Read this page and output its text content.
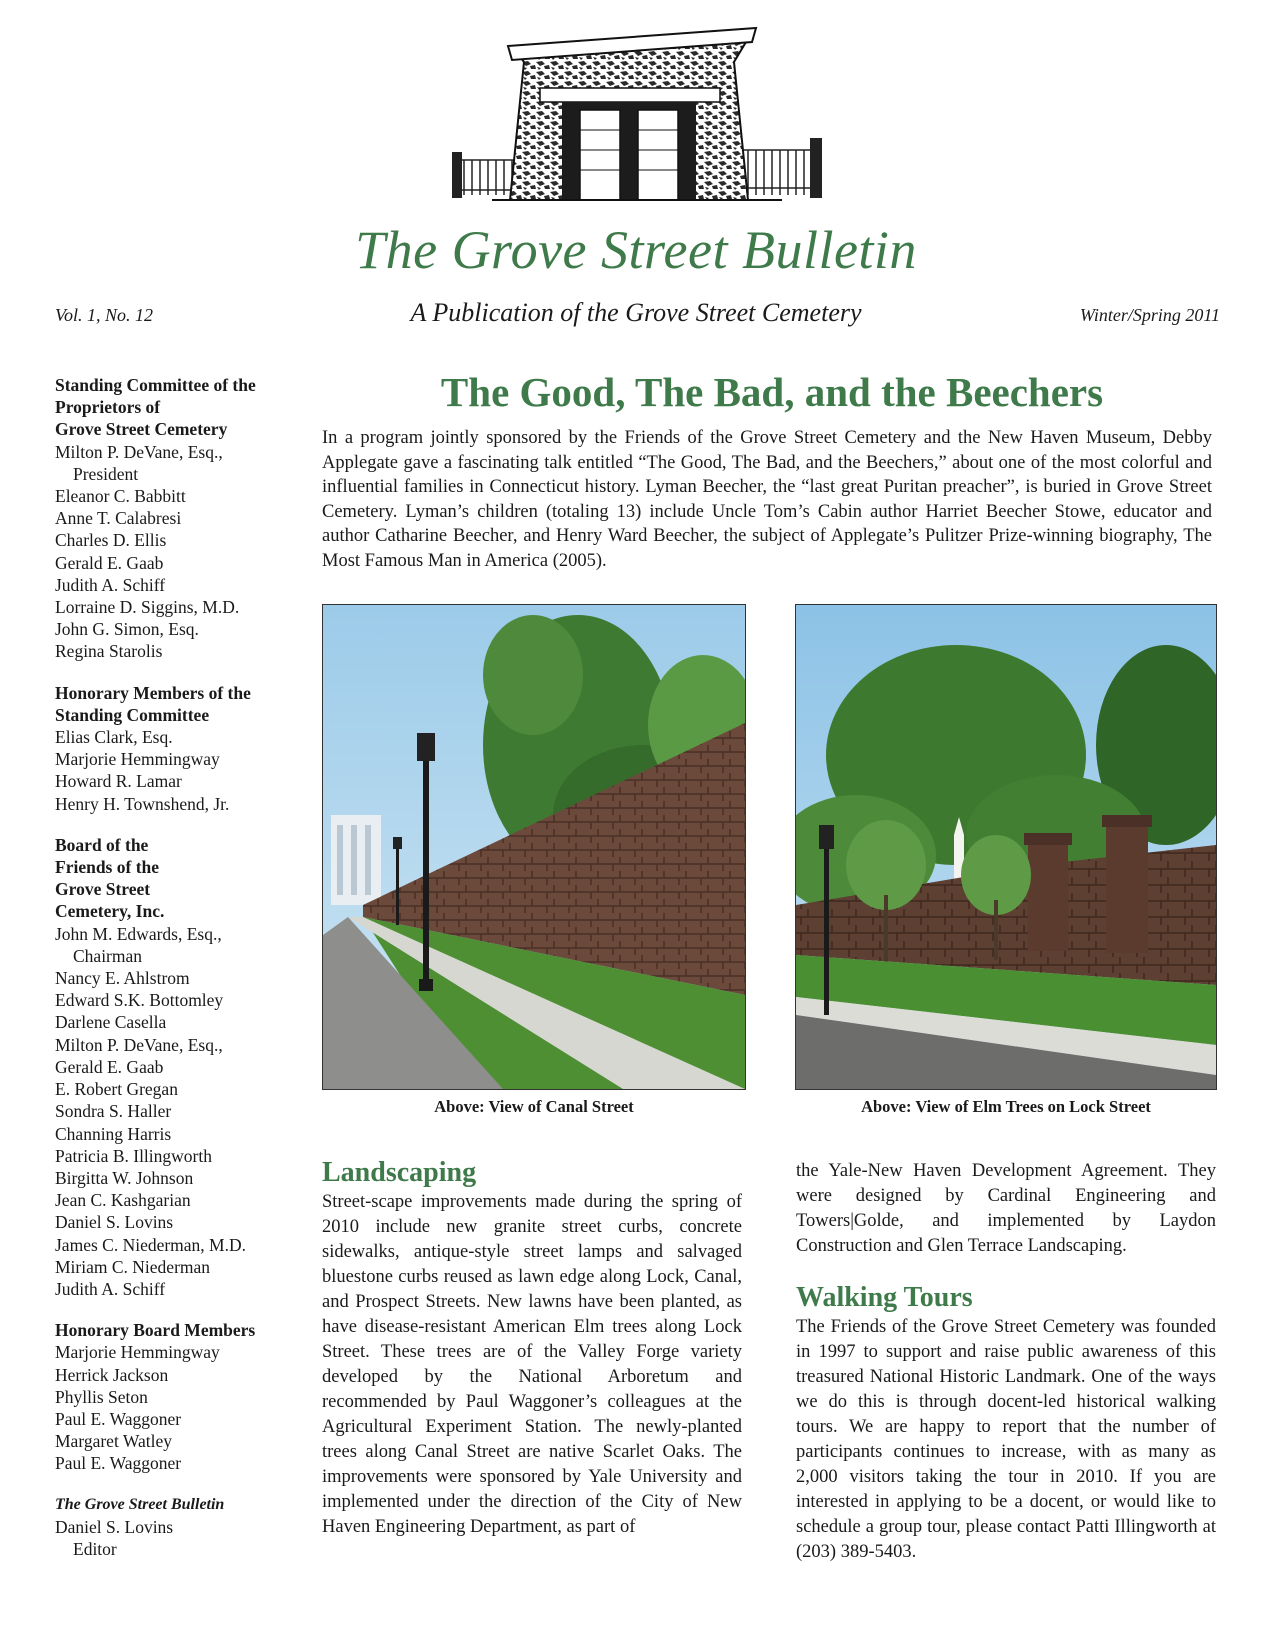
The Grove Street Bulletin
Vol. 1, No. 12	A Publication of the Grove Street Cemetery	Winter/Spring 2011
Standing Committee of the
Proprietors of
Grove Street Cemetery
Milton P. DeVane, Esq.,
President
Eleanor C. Babbitt
Anne T. Calabresi
Charles D. Ellis
Gerald E. Gaab
Judith A. Schiff
Lorraine D. Siggins, M.D.
John G. Simon, Esq.
Regina Starolis
Honorary Members of the
Standing Committee
Elias Clark, Esq.
Marjorie Hemmingway
Howard R. Lamar
Henry H. Townshend, Jr.
Board of the
Friends of the
Grove Street
Cemetery, Inc.
John M. Edwards, Esq.,
Chairman
Nancy E. Ahlstrom
Edward S.K. Bottomley
Darlene Casella
Milton P. DeVane, Esq.,
Gerald E. Gaab
E. Robert Gregan
Sondra S. Haller
Channing Harris
Patricia B. Illingworth
Birgitta W. Johnson
Jean C. Kashgarian
Daniel S. Lovins
James C. Niederman, M.D.
Miriam C. Niederman
Judith A. Schiff
Honorary Board Members
Marjorie Hemmingway
Herrick Jackson
Phyllis Seton
Paul E. Waggoner
Margaret Watley
Paul E. Waggoner
The Grove Street Bulletin
Daniel S. Lovins
Editor
The Good, The Bad, and the Beechers

In a program jointly sponsored by the Friends of the Grove Street Cemetery and the New Haven Museum, Debby Applegate gave a fascinating talk entitled “The Good, The Bad, and the Beechers,” about one of the most colorful and influential families in Connecticut history. Lyman Beecher, the “last great Puritan preacher”, is buried in Grove Street Cemetery. Lyman’s children (totaling 13) include Uncle Tom’s Cabin author Harriet Beecher Stowe, educator and author Catharine Beecher, and Henry Ward Beecher, the subject of Applegate’s Pulitzer Prize-winning biography, The Most Famous Man in America (2005).

Above: View of Canal Street	Above: View of Elm Trees on Lock Street
Landscaping

Street-scape improvements made during the spring of 2010 include new granite street curbs, concrete sidewalks, antique-style street lamps and salvaged bluestone curbs reused as lawn edge along Lock, Canal, and Prospect Streets. New lawns have been planted, as have disease-resistant American Elm trees along Lock Street. These trees are of the Valley Forge variety developed by the National Arboretum and recommended by Paul Waggoner’s colleagues at the Agricultural Experiment Station. The newly-planted trees along Canal Street are native Scarlet Oaks. The improvements were sponsored by Yale University and implemented under the direction of the City of New Haven Engineering Department, as part of

the Yale-New Haven Development Agreement. They were designed by Cardinal Engineering and Towers|Golde, and implemented by Laydon Construction and Glen Terrace Landscaping.

Walking Tours

The Friends of the Grove Street Cemetery was founded in 1997 to support and raise public awareness of this treasured National Historic Landmark. One of the ways we do this is through docent-led historical walking tours. We are happy to report that the number of participants continues to increase, with as many as 2,000 visitors taking the tour in 2010. If you are interested in applying to be a docent, or would like to schedule a group tour, please contact Patti Illingworth at (203) 389-5403.
